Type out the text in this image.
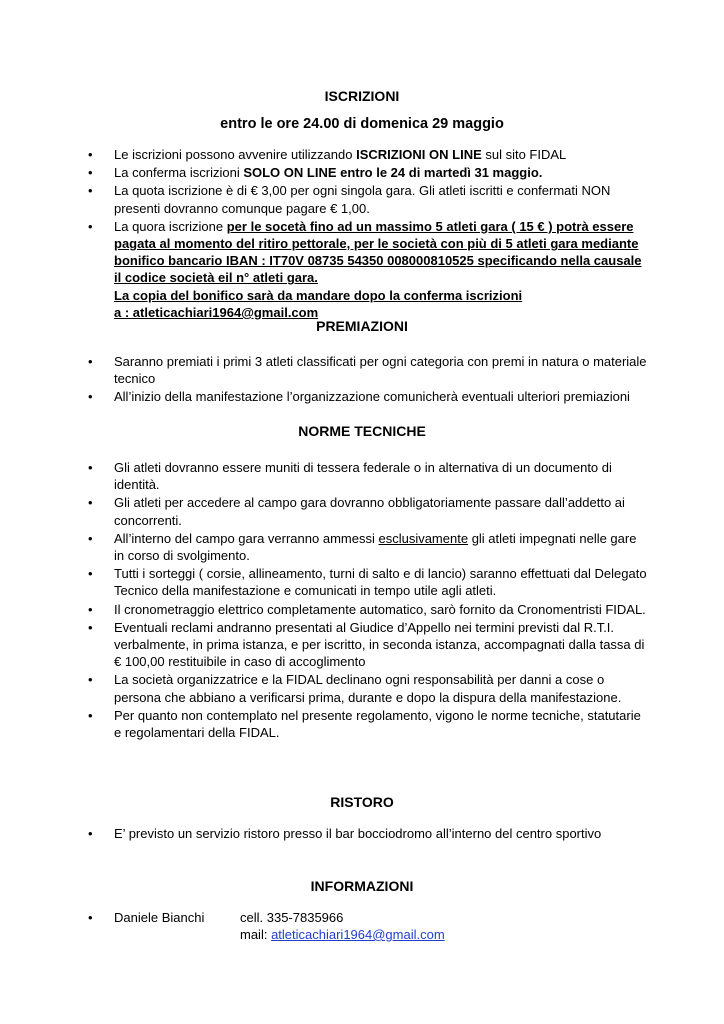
ISCRIZIONI
entro le ore 24.00 di domenica 29 maggio
• Le iscrizioni possono avvenire utilizzando ISCRIZIONI ON LINE sul sito FIDAL
• La conferma iscrizioni SOLO ON LINE entro le 24 di martedì 31 maggio.
• La quota iscrizione è di € 3,00 per ogni singola gara. Gli atleti iscritti e confermati NON presenti dovranno comunque pagare € 1,00.
• La quora iscrizione per le socetà fino ad un massimo 5 atleti gara ( 15 € ) potrà essere pagata al momento del ritiro pettorale, per le società con più di 5 atleti gara mediante bonifico bancario IBAN : IT70V 08735 54350 008000810525 specificando nella causale il codice società eil n° atleti gara.
La copia del bonifico sarà da mandare dopo la conferma iscrizioni
a : atleticachiari1964@gmail.com
PREMIAZIONI
• Saranno premiati i primi 3 atleti classificati per ogni categoria con premi in natura o materiale tecnico
• All’inizio della manifestazione l’organizzazione comunicherà eventuali ulteriori premiazioni
NORME TECNICHE
• Gli atleti dovranno essere muniti di tessera federale o in alternativa di un documento di identità.
• Gli atleti per accedere al campo gara dovranno obbligatoriamente passare dall’addetto ai concorrenti.
• All’interno del campo gara verranno ammessi esclusivamente gli atleti impegnati nelle gare in corso di svolgimento.
• Tutti i sorteggi ( corsie, allineamento, turni di salto e di lancio) saranno effettuati dal Delegato Tecnico della manifestazione e comunicati in tempo utile agli atleti.
• Il cronometraggio elettrico completamente automatico, sarò fornito da Cronomentristi FIDAL.
• Eventuali reclami andranno presentati al Giudice d’Appello nei termini previsti dal R.T.I. verbalmente, in prima istanza, e per iscritto, in seconda istanza, accompagnati dalla tassa di € 100,00 restituibile in caso di accoglimento
• La società organizzatrice e la FIDAL declinano ogni responsabilità per danni a cose o persona che abbiano a verificarsi prima, durante e dopo la dispura della manifestazione.
• Per quanto non contemplato nel presente regolamento, vigono le norme tecniche, statutarie e regolamentari della FIDAL.
RISTORO
• E’ previsto un servizio ristoro presso il bar bocciodromo all’interno del centro sportivo
INFORMAZIONI
• Daniele Bianchi	cell. 335-7835966
mail: atleticachiari1964@gmail.com
